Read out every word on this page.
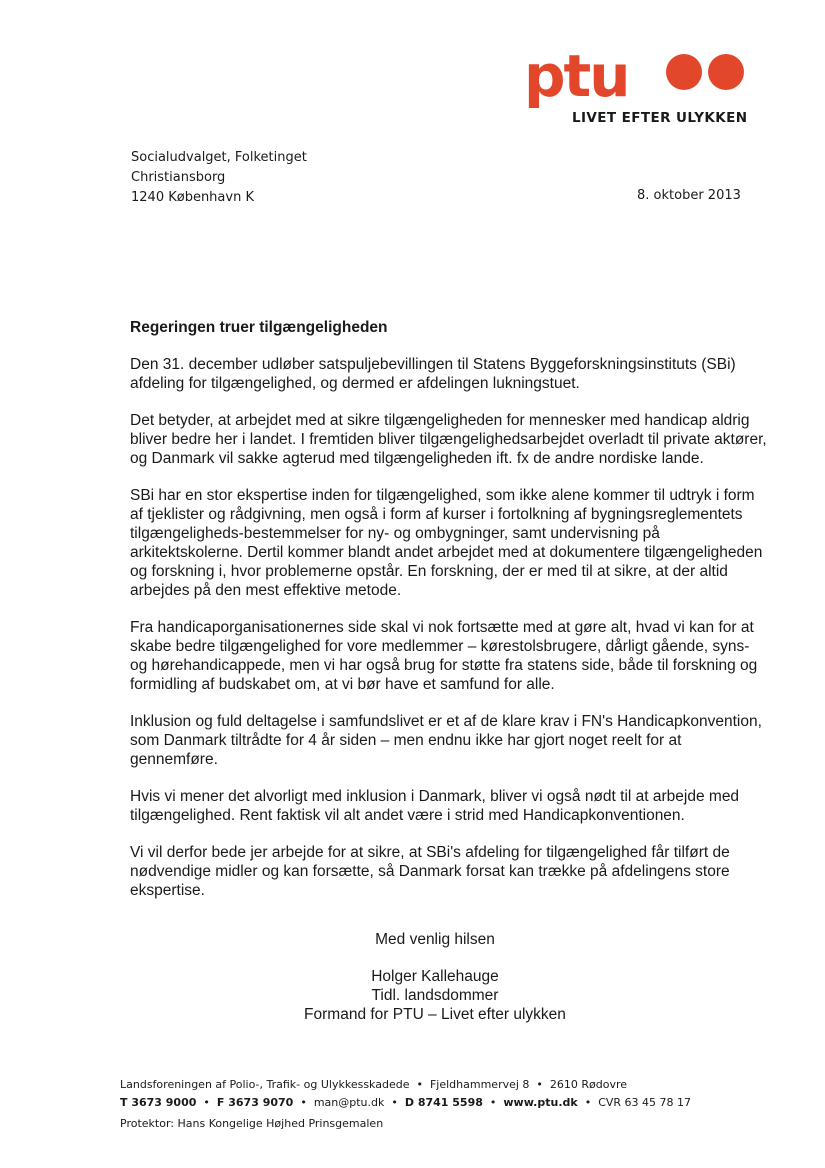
ptu
LIVET EFTER ULYKKEN
Socialudvalget, Folketinget
Christiansborg
1240 København K	8. oktober 2013
Regeringen truer tilgængeligheden

Den 31. december udløber satspuljebevillingen til Statens Byggeforskningsinstituts (SBi) afdeling for tilgængelighed, og dermed er afdelingen lukningstuet.

Det betyder, at arbejdet med at sikre tilgængeligheden for mennesker med handicap aldrig bliver bedre her i landet. I fremtiden bliver tilgængelighedsarbejdet overladt til private aktører, og Danmark vil sakke agterud med tilgængeligheden ift. fx de andre nordiske lande.

SBi har en stor ekspertise inden for tilgængelighed, som ikke alene kommer til udtryk i form af tjeklister og rådgivning, men også i form af kurser i fortolkning af bygningsreglementets tilgængeligheds-bestemmelser for ny- og ombygninger, samt undervisning på arkitektskolerne. Dertil kommer blandt andet arbejdet med at dokumentere tilgængeligheden og forskning i, hvor problemerne opstår. En forskning, der er med til at sikre, at der altid arbejdes på den mest effektive metode.

Fra handicaporganisationernes side skal vi nok fortsætte med at gøre alt, hvad vi kan for at skabe bedre tilgængelighed for vore medlemmer – kørestolsbrugere, dårligt gående, syns- og hørehandicappede, men vi har også brug for støtte fra statens side, både til forskning og formidling af budskabet om, at vi bør have et samfund for alle.

Inklusion og fuld deltagelse i samfundslivet er et af de klare krav i FN's Handicapkonvention, som Danmark tiltrådte for 4 år siden – men endnu ikke har gjort noget reelt for at gennemføre.

Hvis vi mener det alvorligt med inklusion i Danmark, bliver vi også nødt til at arbejde med tilgængelighed. Rent faktisk vil alt andet være i strid med Handicapkonventionen.

Vi vil derfor bede jer arbejde for at sikre, at SBi's afdeling for tilgængelighed får tilført de nødvendige midler og kan forsætte, så Danmark forsat kan trække på afdelingens store ekspertise.

Med venlig hilsen
Holger Kallehauge
Tidl. landsdommer
Formand for PTU – Livet efter ulykken
Landsforeningen af Polio-, Trafik- og Ulykkesskadede • Fjeldhammervej 8 • 2610 Rødovre
T 3673 9000 • F 3673 9070 • man@ptu.dk • D 8741 5598 • www.ptu.dk • CVR 63 45 78 17
Protektor: Hans Kongelige Højhed Prinsgemalen
